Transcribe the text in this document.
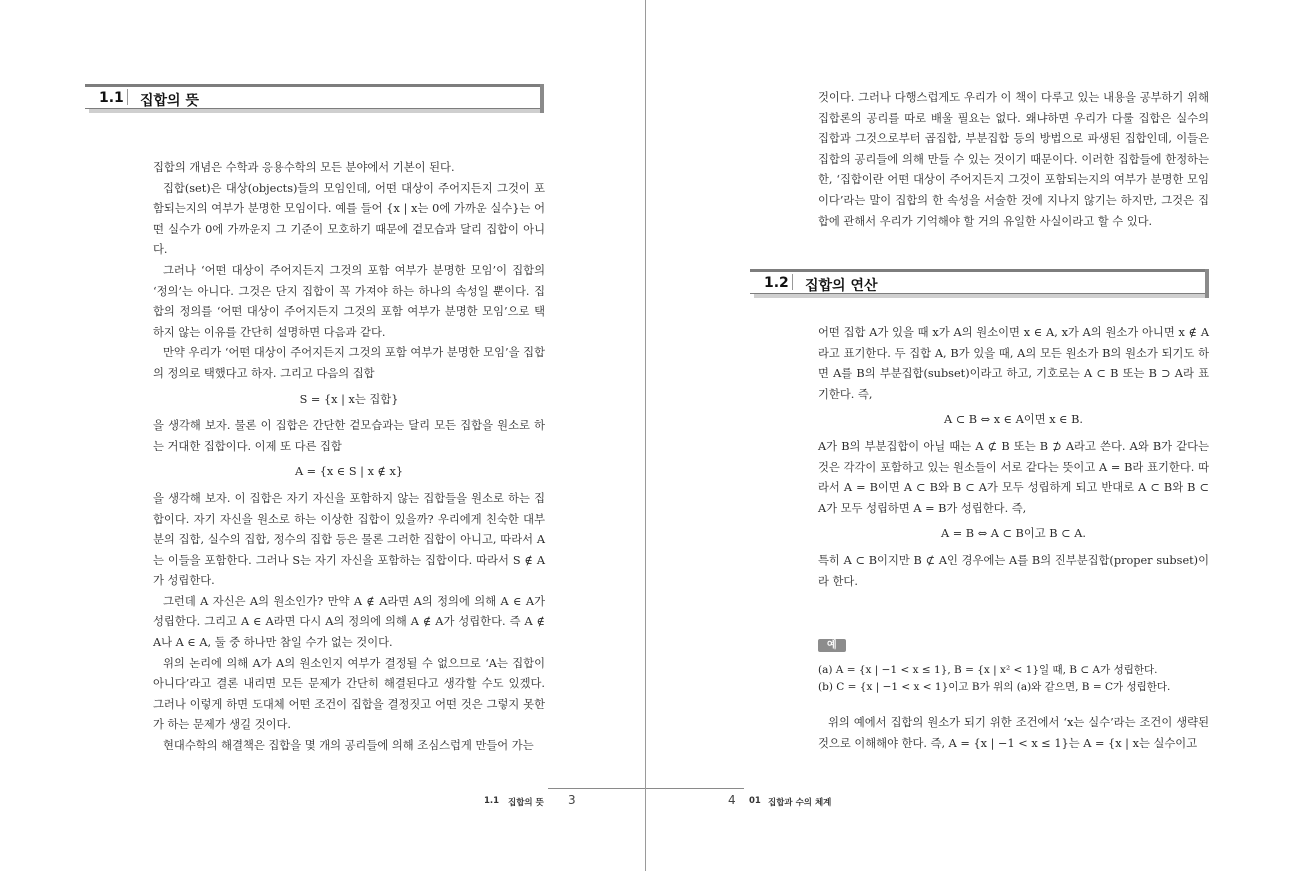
1.1 집합의 뜻

집합의 개념은 수학과 응용수학의 모든 분야에서 기본이 된다.

집합(set)은 대상(objects)들의 모임인데, 어떤 대상이 주어지든지 그것이 포함되는지의 여부가 분명한 모임이다. 예를 들어 {x | x는 0에 가까운 실수}는 어떤 실수가 0에 가까운지 그 기준이 모호하기 때문에 겉모습과 달리 집합이 아니다.

그러나 ‘어떤 대상이 주어지든지 그것의 포함 여부가 분명한 모임’이 집합의 ‘정의’는 아니다. 그것은 단지 집합이 꼭 가져야 하는 하나의 속성일 뿐이다. 집합의 정의를 ‘어떤 대상이 주어지든지 그것의 포함 여부가 분명한 모임’으로 택하지 않는 이유를 간단히 설명하면 다음과 같다.

만약 우리가 ‘어떤 대상이 주어지든지 그것의 포함 여부가 분명한 모임’을 집합의 정의로 택했다고 하자. 그리고 다음의 집합

S = {x | x는 집합}

을 생각해 보자. 물론 이 집합은 간단한 겉모습과는 달리 모든 집합을 원소로 하는 거대한 집합이다. 이제 또 다른 집합

A = {x ∈ S | x ∉ x}

을 생각해 보자. 이 집합은 자기 자신을 포함하지 않는 집합들을 원소로 하는 집합이다. 자기 자신을 원소로 하는 이상한 집합이 있을까? 우리에게 친숙한 대부분의 집합, 실수의 집합, 정수의 집합 등은 물론 그러한 집합이 아니고, 따라서 A는 이들을 포함한다. 그러나 S는 자기 자신을 포함하는 집합이다. 따라서 S ∉ A가 성립한다.

그런데 A 자신은 A의 원소인가? 만약 A ∉ A라면 A의 정의에 의해 A ∈ A가 성립한다. 그리고 A ∈ A라면 다시 A의 정의에 의해 A ∉ A가 성립한다. 즉 A ∉ A나 A ∈ A, 둘 중 하나만 참일 수가 없는 것이다.

위의 논리에 의해 A가 A의 원소인지 여부가 결정될 수 없으므로 ‘A는 집합이 아니다’라고 결론 내리면 모든 문제가 간단히 해결된다고 생각할 수도 있겠다. 그러나 이렇게 하면 도대체 어떤 조건이 집합을 결정짓고 어떤 것은 그렇지 못한가 하는 문제가 생길 것이다.

현대수학의 해결책은 집합을 몇 개의 공리들에 의해 조심스럽게 만들어 가는

1.1 집합의 뜻 3

것이다. 그러나 다행스럽게도 우리가 이 책이 다루고 있는 내용을 공부하기 위해 집합론의 공리를 따로 배울 필요는 없다. 왜냐하면 우리가 다룰 집합은 실수의 집합과 그것으로부터 곱집합, 부분집합 등의 방법으로 파생된 집합인데, 이들은 집합의 공리들에 의해 만들 수 있는 것이기 때문이다. 이러한 집합들에 한정하는 한, ‘집합이란 어떤 대상이 주어지든지 그것이 포함되는지의 여부가 분명한 모임이다’라는 말이 집합의 한 속성을 서술한 것에 지나지 않기는 하지만, 그것은 집합에 관해서 우리가 기억해야 할 거의 유일한 사실이라고 할 수 있다.

1.2 집합의 연산

어떤 집합 A가 있을 때 x가 A의 원소이면 x ∈ A, x가 A의 원소가 아니면 x ∉ A라고 표기한다. 두 집합 A, B가 있을 때, A의 모든 원소가 B의 원소가 되기도 하면 A를 B의 부분집합(subset)이라고 하고, 기호로는 A ⊂ B 또는 B ⊃ A라 표기한다. 즉,

A ⊂ B ⇔ x ∈ A이면 x ∈ B.

A가 B의 부분집합이 아닐 때는 A ⊄ B 또는 B ⊅ A라고 쓴다. A와 B가 같다는 것은 각각이 포함하고 있는 원소들이 서로 같다는 뜻이고 A = B라 표기한다. 따라서 A = B이면 A ⊂ B와 B ⊂ A가 모두 성립하게 되고 반대로 A ⊂ B와 B ⊂ A가 모두 성립하면 A = B가 성립한다. 즉,

A = B ⇔ A ⊂ B이고 B ⊂ A.

특히 A ⊂ B이지만 B ⊄ A인 경우에는 A를 B의 진부분집합(proper subset)이라 한다.

예
(a) A = {x | −1 < x ≤ 1}, B = {x | x² < 1}일 때, B ⊂ A가 성립한다.
(b) C = {x | −1 < x < 1}이고 B가 위의 (a)와 같으면, B = C가 성립한다.

위의 예에서 집합의 원소가 되기 위한 조건에서 ‘x는 실수’라는 조건이 생략된 것으로 이해해야 한다. 즉, A = {x | −1 < x ≤ 1}는 A = {x | x는 실수이고

4 01 집합과 수의 체계
